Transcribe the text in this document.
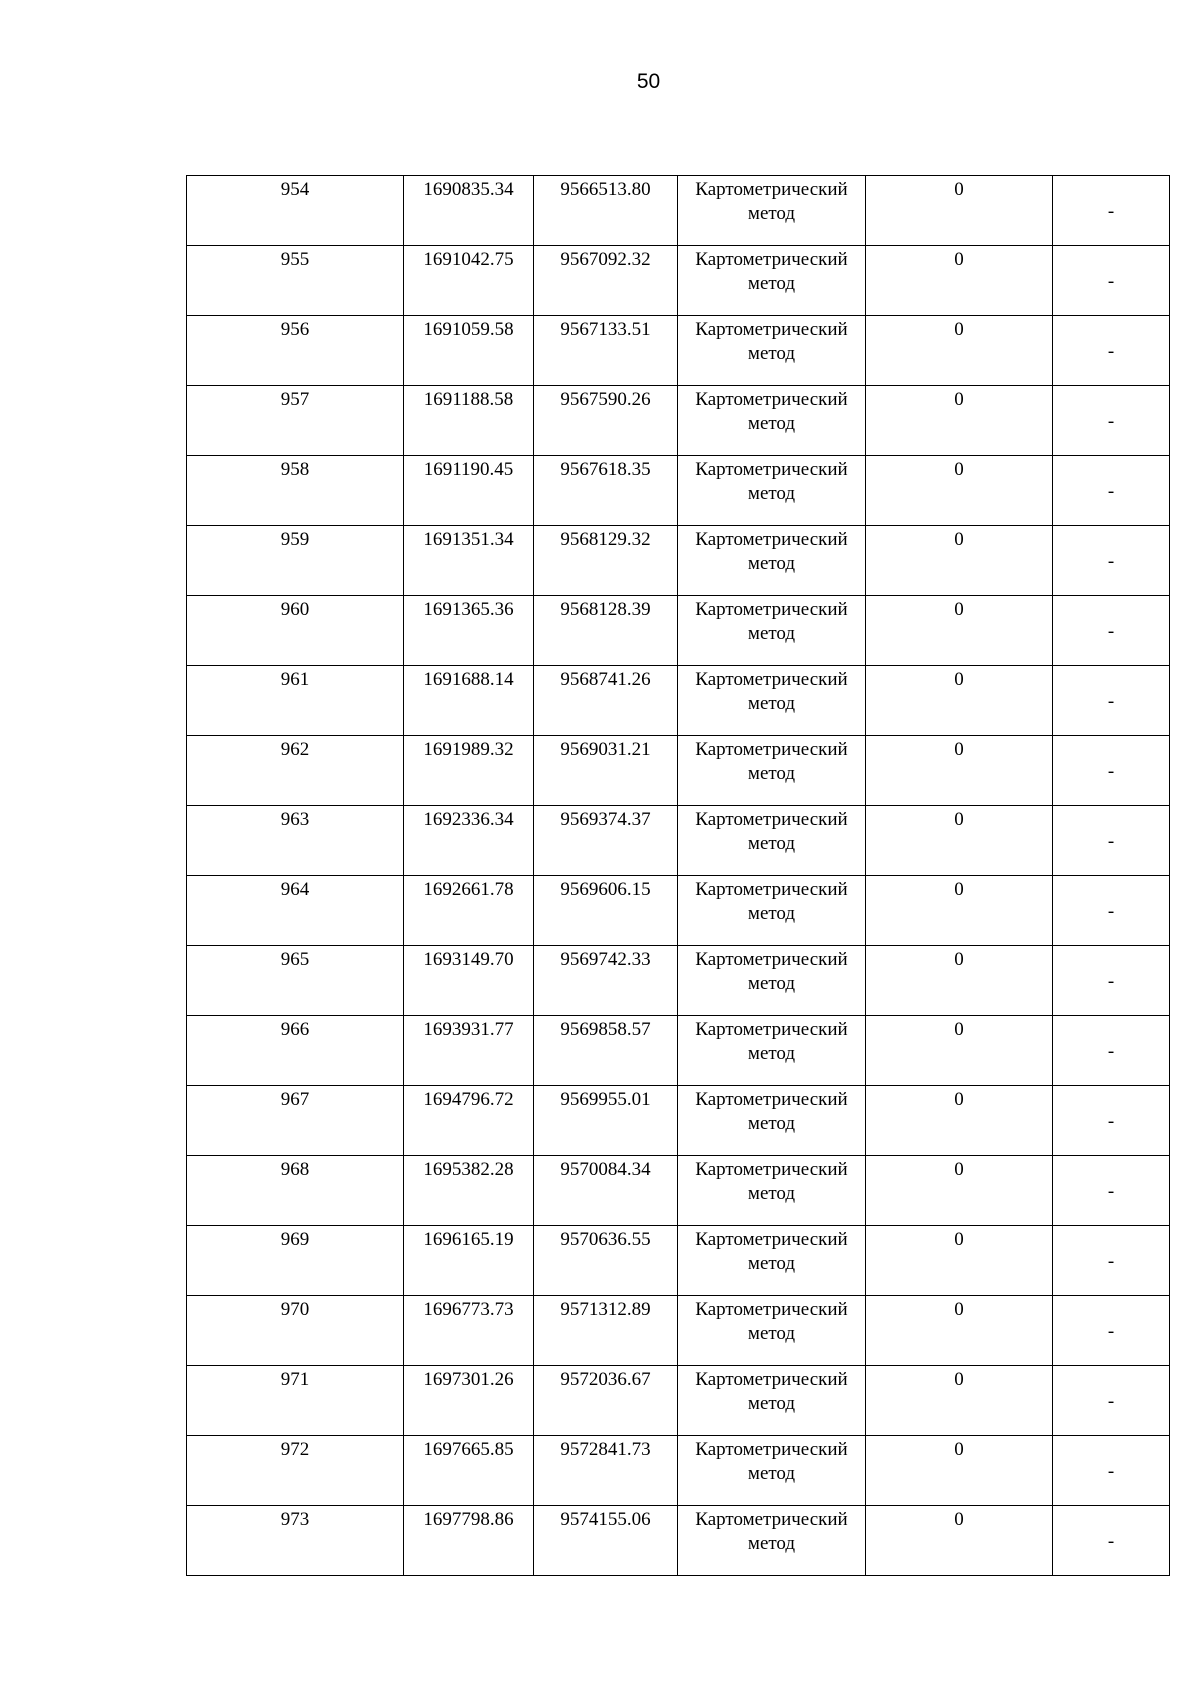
50
954	1690835.34	9566513.80	Картометрический
метод	0	-

955	1691042.75	9567092.32	Картометрический
метод	0	-

956	1691059.58	9567133.51	Картометрический
метод	0	-

957	1691188.58	9567590.26	Картометрический
метод	0	-

958	1691190.45	9567618.35	Картометрический
метод	0	-

959	1691351.34	9568129.32	Картометрический
метод	0	-

960	1691365.36	9568128.39	Картометрический
метод	0	-

961	1691688.14	9568741.26	Картометрический
метод	0	-

962	1691989.32	9569031.21	Картометрический
метод	0	-

963	1692336.34	9569374.37	Картометрический
метод	0	-

964	1692661.78	9569606.15	Картометрический
метод	0	-

965	1693149.70	9569742.33	Картометрический
метод	0	-

966	1693931.77	9569858.57	Картометрический
метод	0	-

967	1694796.72	9569955.01	Картометрический
метод	0	-

968	1695382.28	9570084.34	Картометрический
метод	0	-

969	1696165.19	9570636.55	Картометрический
метод	0	-

970	1696773.73	9571312.89	Картометрический
метод	0	-

971	1697301.26	9572036.67	Картометрический
метод	0	-

972	1697665.85	9572841.73	Картометрический
метод	0	-

973	1697798.86	9574155.06	Картометрический
метод	0	-
